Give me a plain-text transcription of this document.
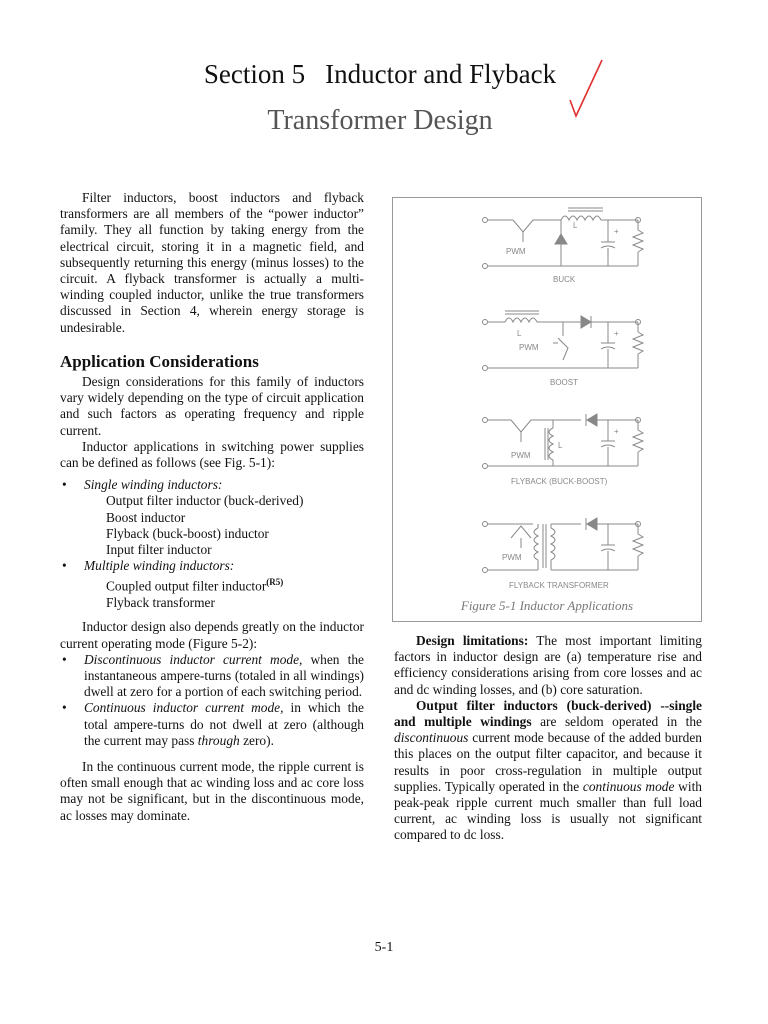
Section 5 Inductor and Flyback
Transformer Design

Filter inductors, boost inductors and flyback transformers are all members of the “power inductor” family. They all function by taking energy from the electrical circuit, storing it in a magnetic field, and subsequently returning this energy (minus losses) to the circuit. A flyback transformer is actually a multi-winding coupled inductor, unlike the true transformers discussed in Section 4, wherein energy storage is undesirable.

Application Considerations

Design considerations for this family of inductors vary widely depending on the type of circuit application and such factors as operating frequency and ripple current.

Inductor applications in switching power supplies can be defined as follows (see Fig. 5-1):

• Single winding inductors:

Output filter inductor (buck-derived)

Boost inductor

Flyback (buck-boost) inductor

Input filter inductor

• Multiple winding inductors:

Coupled output filter inductor$^{(R5)}$

Flyback transformer

Inductor design also depends greatly on the inductor current operating mode (Figure 5-2):

• Discontinuous inductor current mode, when the instantaneous ampere-turns (totaled in all windings) dwell at zero for a portion of each switching period.

• Continuous inductor current mode, in which the total ampere-turns do not dwell at zero (although the current may pass through zero).

In the continuous current mode, the ripple current is often small enough that ac winding loss and ac core loss may not be significant, but in the discontinuous mode, ac losses may dominate.

PWM
L
+
BUCK
L
PWM
+
BOOST
L
PWM
+
FLYBACK (BUCK-BOOST)
PWM
FLYBACK TRANSFORMER
Figure 5-1 Inductor Applications

Design limitations: The most important limiting factors in inductor design are (a) temperature rise and efficiency considerations arising from core losses and ac and dc winding losses, and (b) core saturation.

Output filter inductors (buck-derived) --single and multiple windings are seldom operated in the discontinuous current mode because of the added burden this places on the output filter capacitor, and because it results in poor cross-regulation in multiple output supplies. Typically operated in the continuous mode with peak-peak ripple current much smaller than full load current, ac winding loss is usually not significant compared to dc loss.

5-1
